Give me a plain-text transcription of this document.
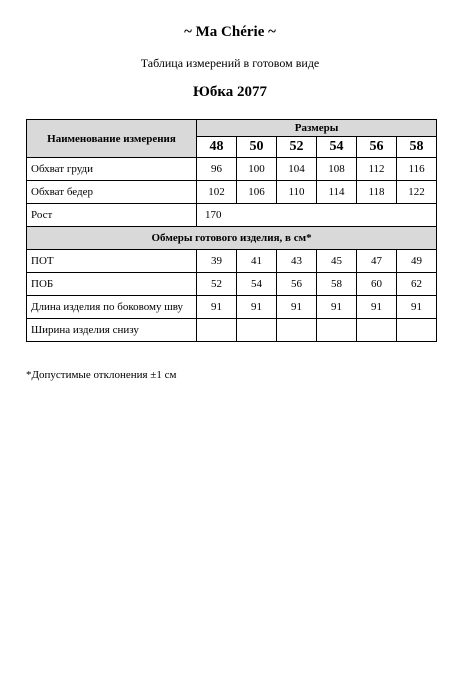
~ Ma Chérie ~
Таблица измерений в готовом виде
Юбка 2077
Наименование измерения	Размеры					
	48	50	52	54	56	58
Обхват груди	96	100	104	108	112	116
Обхват бедер	102	106	110	114	118	122
Рост	170					
Обмеры готового изделия, в см*						
ПОТ	39	41	43	45	47	49
ПОБ	52	54	56	58	60	62
Длина изделия по боковому шву	91	91	91	91	91	91
Ширина изделия снизу						
*Допустимые отклонения ±1 см
